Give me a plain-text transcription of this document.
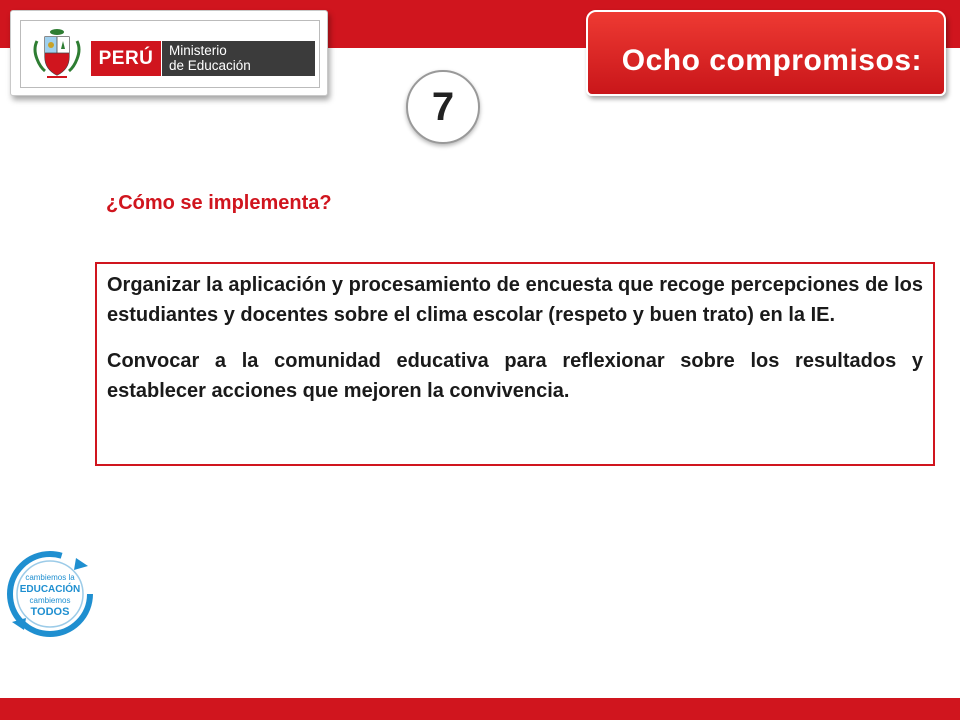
PERÚ	Ministerio
de Educación	Ocho compromisos:
7
¿Cómo se implementa?

Organizar la aplicación y procesamiento de encuesta que recoge percepciones de los estudiantes y docentes sobre el clima escolar (respeto y buen trato) en la IE.

Convocar a la comunidad educativa para reflexionar sobre los resultados y establecer acciones que mejoren la convivencia.

cambiemos la
EDUCACIÓN
cambiemos
TODOS
